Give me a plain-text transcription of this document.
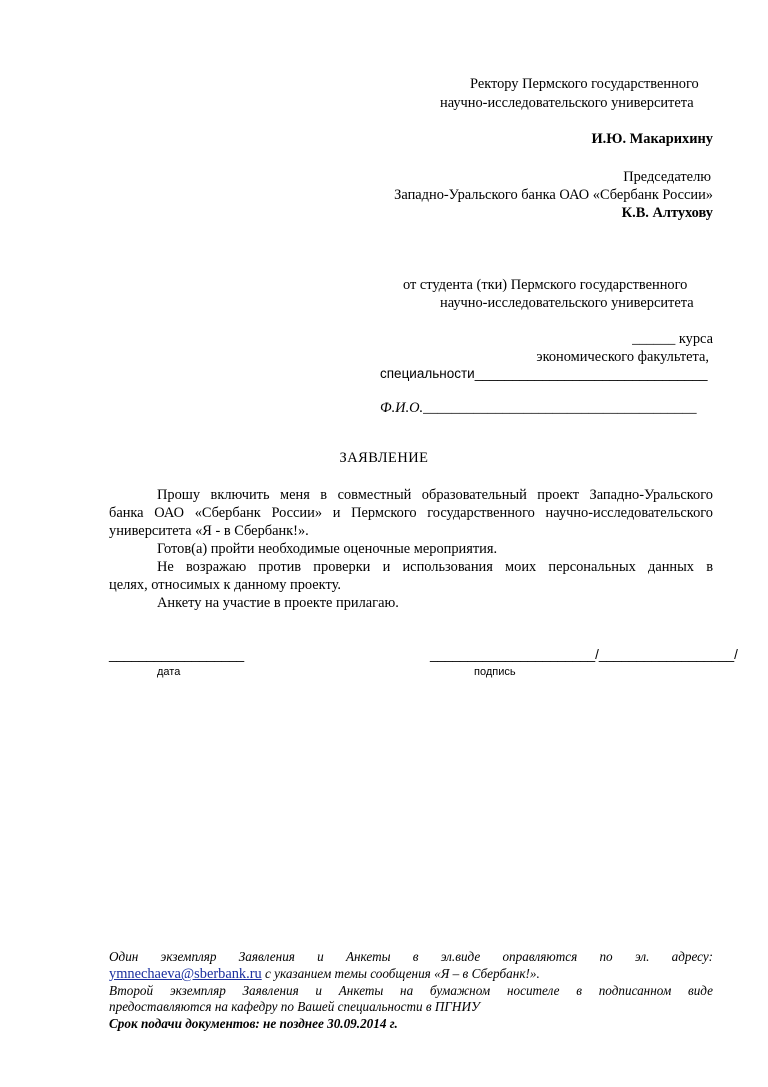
Ректору Пермского государственного
научно-исследовательского университета
И.Ю. Макарихину
Председателю
Западно-Уральского банка ОАО «Сбербанк России»
К.В. Алтухову
от студента (тки) Пермского государственного
научно-исследовательского университета
______ курса
экономического факультета,
специальности_______________________________
Ф.И.О.______________________________________
ЗАЯВЛЕНИЕ
Прошу включить меня в совместный образовательный проект Западно-Уральского
банка ОАО «Сбербанк России» и Пермского государственного научно-исследовательского
университета «Я - в Сбербанк!».
Готов(а) пройти необходимые оценочные мероприятия.
Не возражаю против проверки и использования моих персональных данных в
целях, относимых к данному проекту.
Анкету на участие в проекте прилагаю.
__________________
дата
______________________/__________________/
подпись
Один экземпляр Заявления и Анкеты в эл.виде оправляются по эл. адресу:
ymnechaeva@sberbank.ru с указанием темы сообщения «Я – в Сбербанк!».
Второй экземпляр Заявления и Анкеты на бумажном носителе в подписанном виде
предоставляются на кафедру по Вашей специальности в ПГНИУ
Срок подачи документов: не позднее 30.09.2014 г.
